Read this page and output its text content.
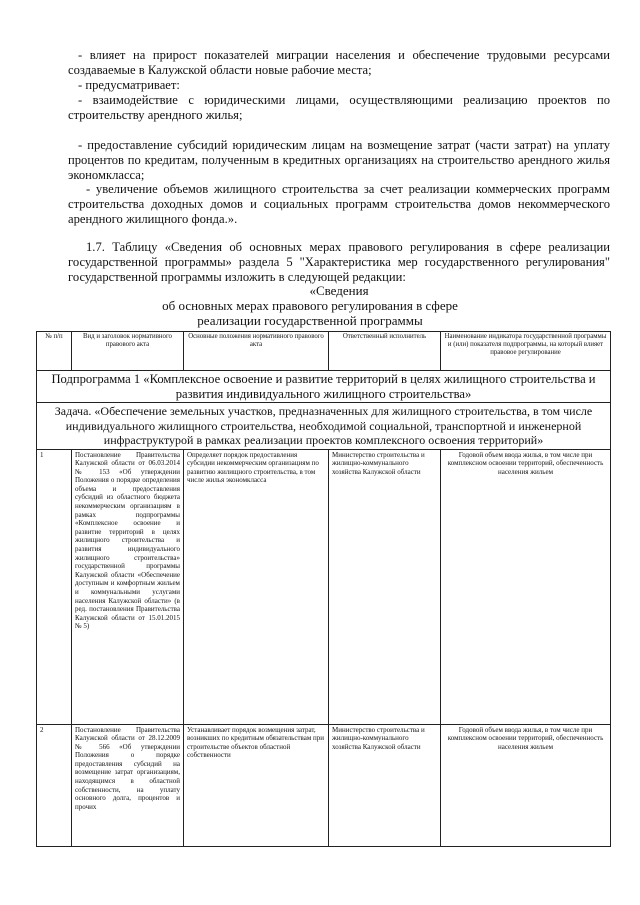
- влияет на прирост показателей миграции населения и обеспечение трудовыми ресурсами создаваемые в Калужской области новые рабочие места;

- предусматривает:

- взаимодействие с юридическими лицами, осуществляющими реализацию проектов по строительству арендного жилья;

- предоставление субсидий юридическим лицам на возмещение затрат (части затрат) на уплату процентов по кредитам, полученным в кредитных организациях на строительство арендного жилья экономкласса;

- увеличение объемов жилищного строительства за счет реализации коммерческих программ строительства доходных домов и социальных программ строительства домов некоммерческого арендного жилищного фонда.».

1.7. Таблицу «Сведения об основных мерах правового регулирования в сфере реализации государственной программы» раздела 5 "Характеристика мер государственного регулирования" государственной программы изложить в следующей редакции:

«Сведения
об основных мерах правового регулирования в сфере
реализации государственной программы
№ п/п	Вид и заголовок нормативного правового акта	Основные положения нормативного правового акта	Ответственный исполнитель	Наименование индикатора государственной программы и (или) показателя подпрограммы, на который влияет правовое регулирование
Подпрограмма 1 «Комплексное освоение и развитие территорий в целях жилищного строительства и развития индивидуального жилищного строительства»				
Задача. «Обеспечение земельных участков, предназначенных для жилищного строительства, в том числе индивидуального жилищного строительства, необходимой социальной, транспортной и инженерной инфраструктурой в рамках реализации проектов комплексного освоения территорий»				
1	Постановление Правительства Калужской области от 06.03.2014 № 153 «Об утверждении Положения о порядке определения объема и предоставления субсидий из областного бюджета некоммерческим организациям в рамках подпрограммы «Комплексное освоение и развитие территорий в целях жилищного строительства и развития индивидуального жилищного строительства» государственной программы Калужской области «Обеспечение доступным и комфортным жильем и коммунальными услугами населения Калужской области» (в ред. постановления Правительства Калужской области от 15.01.2015 № 5)	Определяет порядок предоставления субсидии некоммерческим организациям по развитию жилищного строительства, в том числе жилья экономкласса	Министерство строительства и жилищно-коммунального хозяйства Калужской области	Годовой объем ввода жилья, в том числе при комплексном освоении территорий, обеспеченность населения жильем
2	Постановление Правительства Калужской области от 28.12.2009 № 566 «Об утверждении Положения о порядке предоставления субсидий на возмещение затрат организациям, находящимся в областной собственности, на уплату основного долга, процентов и прочих	Устанавливает порядок возмещения затрат, возникших по кредитным обязательствам при строительстве объектов областной собственности	Министерство строительства и жилищно-коммунального хозяйства Калужской области	Годовой объем ввода жилья, в том числе при комплексном освоении территорий, обеспеченность населения жильем
